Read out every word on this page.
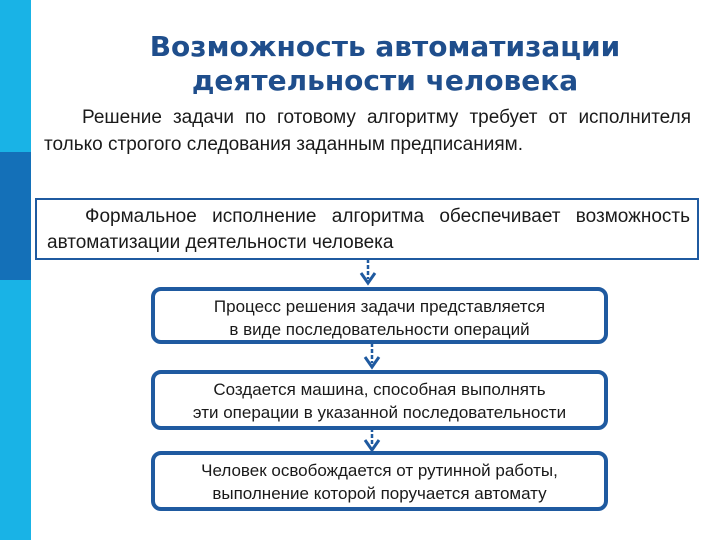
Возможность автоматизации
деятельности человека
Решение задачи по готовому алгоритму требует от исполнителя только строгого следования заданным предписаниям.
Формальное исполнение алгоритма обеспечивает возможность автоматизации деятельности человека
Процесс решения задачи представляется
в виде последовательности операций
Создается машина, способная выполнять
эти операции в указанной последовательности
Человек освобождается от рутинной работы,
выполнение которой поручается автомату
